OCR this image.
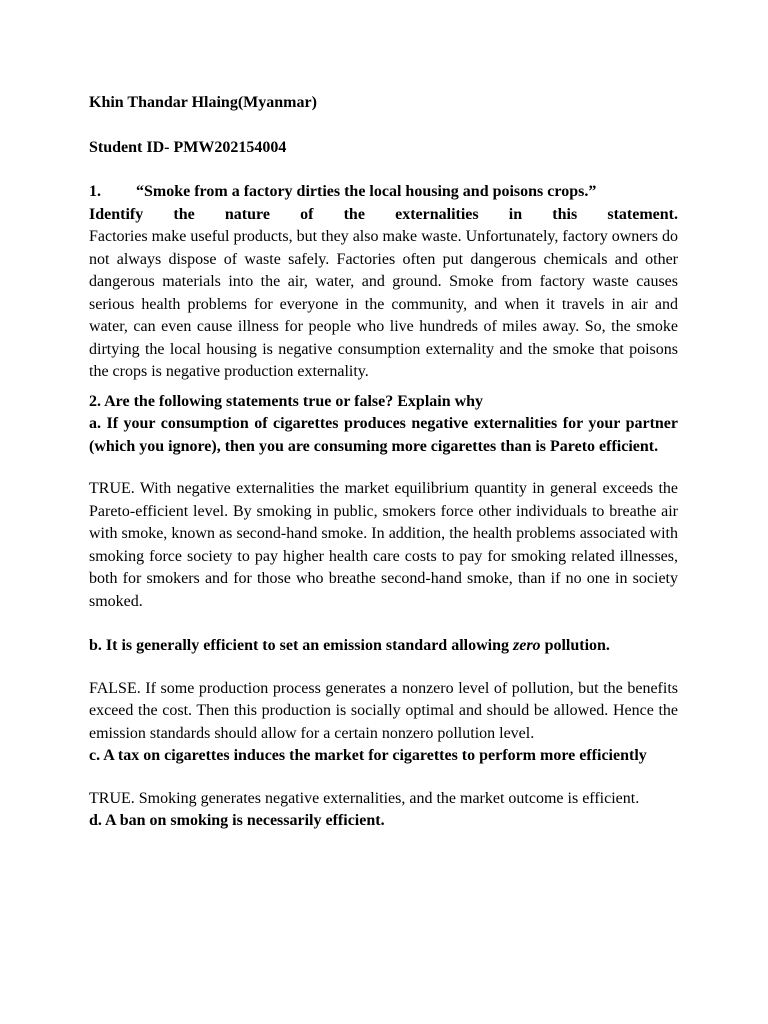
Khin Thandar Hlaing(Myanmar)

Student ID- PMW202154004

1.	“Smoke from a factory dirties the local housing and poisons crops.”

Identify the nature of the externalities in this statement.

Factories make useful products, but they also make waste. Unfortunately, factory owners do not always dispose of waste safely. Factories often put dangerous chemicals and other dangerous materials into the air, water, and ground. Smoke from factory waste causes serious health problems for everyone in the community, and when it travels in air and water, can even cause illness for people who live hundreds of miles away. So, the smoke dirtying the local housing is negative consumption externality and the smoke that poisons the crops is negative production externality.

2. Are the following statements true or false? Explain why

a. If your consumption of cigarettes produces negative externalities for your partner (which you ignore), then you are consuming more cigarettes than is Pareto efficient.

TRUE. With negative externalities the market equilibrium quantity in general exceeds the Pareto-efficient level. By smoking in public, smokers force other individuals to breathe air with smoke, known as second-hand smoke. In addition, the health problems associated with smoking force society to pay higher health care costs to pay for smoking related illnesses, both for smokers and for those who breathe second-hand smoke, than if no one in society smoked.

b. It is generally efficient to set an emission standard allowing zero pollution.

FALSE. If some production process generates a nonzero level of pollution, but the benefits exceed the cost. Then this production is socially optimal and should be allowed. Hence the emission standards should allow for a certain nonzero pollution level.

c. A tax on cigarettes induces the market for cigarettes to perform more efficiently

TRUE. Smoking generates negative externalities, and the market outcome is efficient.

d. A ban on smoking is necessarily efficient.
